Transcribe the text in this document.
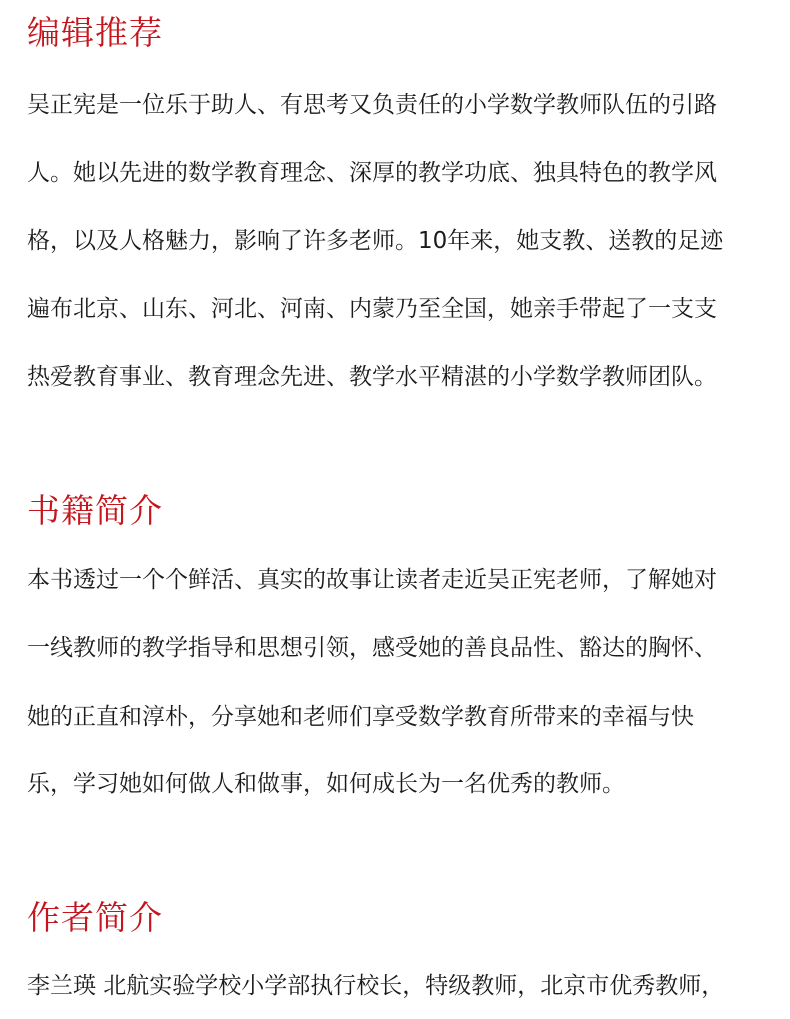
编辑推荐

吴正宪是一位乐于助人、有思考又负责任的小学数学教师队伍的引路

人。她以先进的数学教育理念、深厚的教学功底、独具特色的教学风

格，以及人格魅力，影响了许多老师。10年来，她支教、送教的足迹

遍布北京、山东、河北、河南、内蒙乃至全国，她亲手带起了一支支

热爱教育事业、教育理念先进、教学水平精湛的小学数学教师团队。

书籍简介

本书透过一个个鲜活、真实的故事让读者走近吴正宪老师，了解她对

一线教师的教学指导和思想引领，感受她的善良品性、豁达的胸怀、

她的正直和淳朴，分享她和老师们享受数学教育所带来的幸福与快

乐，学习她如何做人和做事，如何成长为一名优秀的教师。

作者简介

李兰瑛 北航实验学校小学部执行校长，特级教师，北京市优秀教师，
